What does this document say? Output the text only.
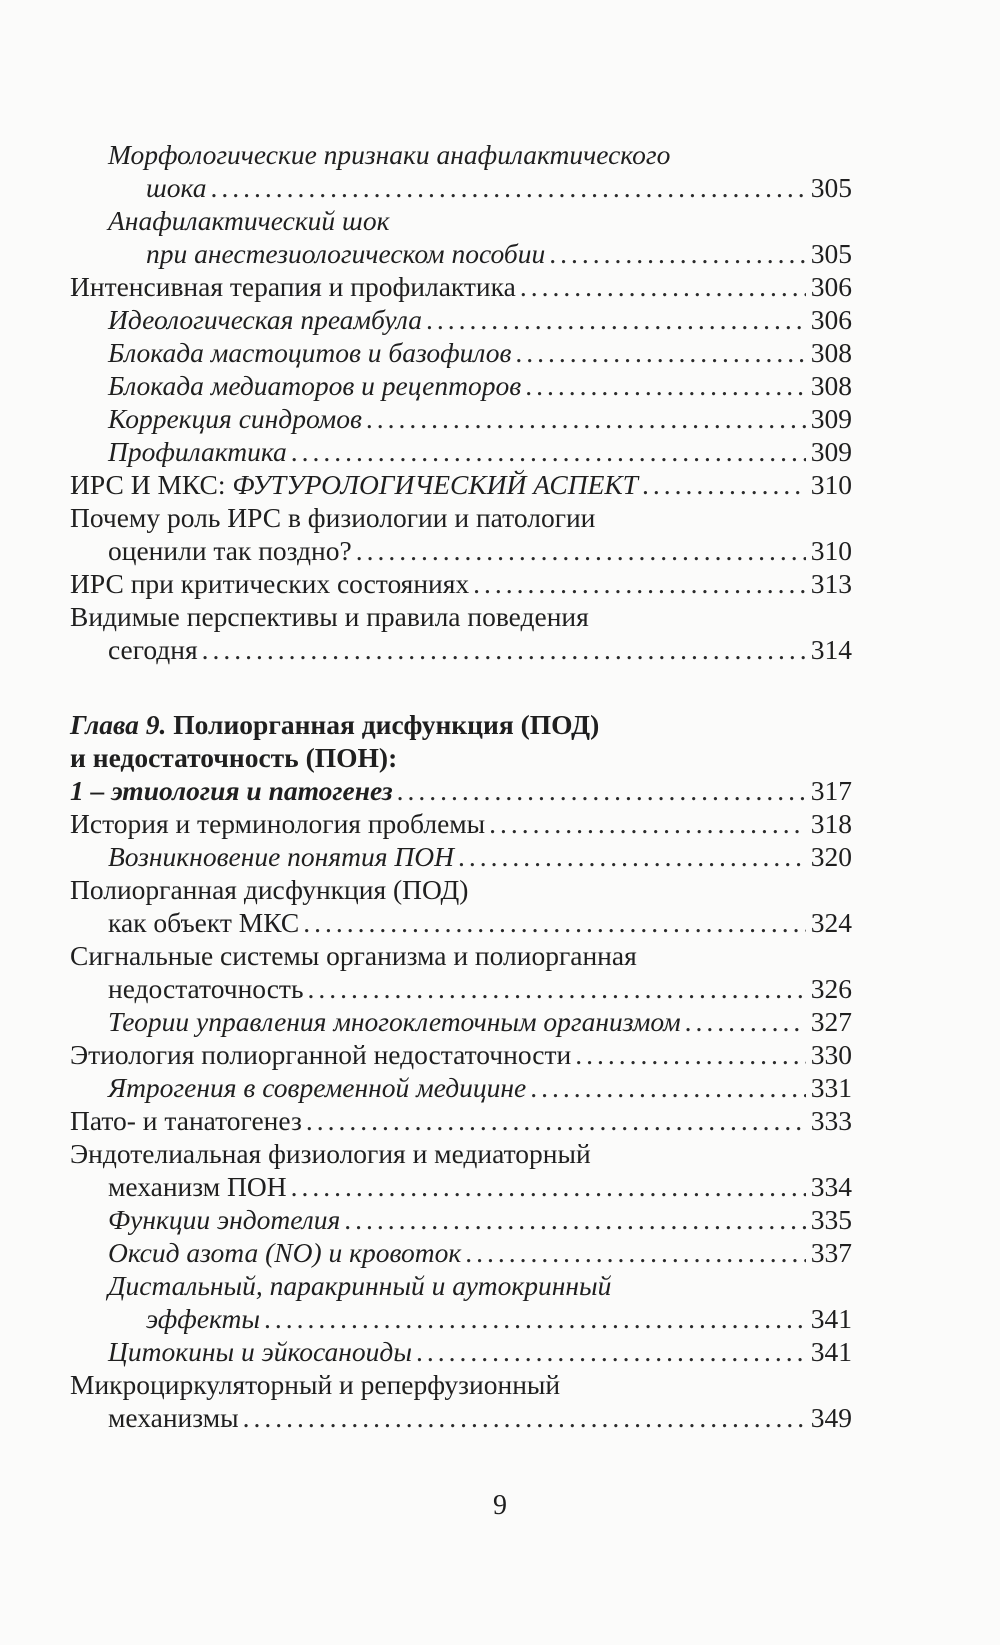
Морфологические признаки анафилактического
шока .....	305
Анафилактический шок
при анестезиологическом пособии .....	305
Интенсивная терапия и профилактика .....	306
Идеологическая преамбула .....	306
Блокада мастоцитов и базофилов .....	308
Блокада медиаторов и рецепторов .....	308
Коррекция синдромов .....	309
Профилактика .....	309
ИРС И МКС: ФУТУРОЛОГИЧЕСКИЙ АСПЕКТ .....	310
Почему роль ИРС в физиологии и патологии
оценили так поздно? .....	310
ИРС при критических состояниях .....	313
Видимые перспективы и правила поведения
сегодня .....	314
Глава 9. Полиорганная дисфункция (ПОД)
и недостаточность (ПОН):
1 – этиология и патогенез .....	317
История и терминология проблемы .....	318
Возникновение понятия ПОН .....	320
Полиорганная дисфункция (ПОД)
как объект МКС .....	324
Сигнальные системы организма и полиорганная
недостаточность .....	326
Теории управления многоклеточным организмом .....	327
Этиология полиорганной недостаточности .....	330
Ятрогения в современной медицине .....	331
Пато- и танатогенез .....	333
Эндотелиальная физиология и медиаторный
механизм ПОН .....	334
Функции эндотелия .....	335
Оксид азота (NO) и кровоток .....	337
Дистальный, паракринный и аутокринный
эффекты .....	341
Цитокины и эйкосаноиды .....	341
Микроциркуляторный и реперфузионный
механизмы .....	349
9
